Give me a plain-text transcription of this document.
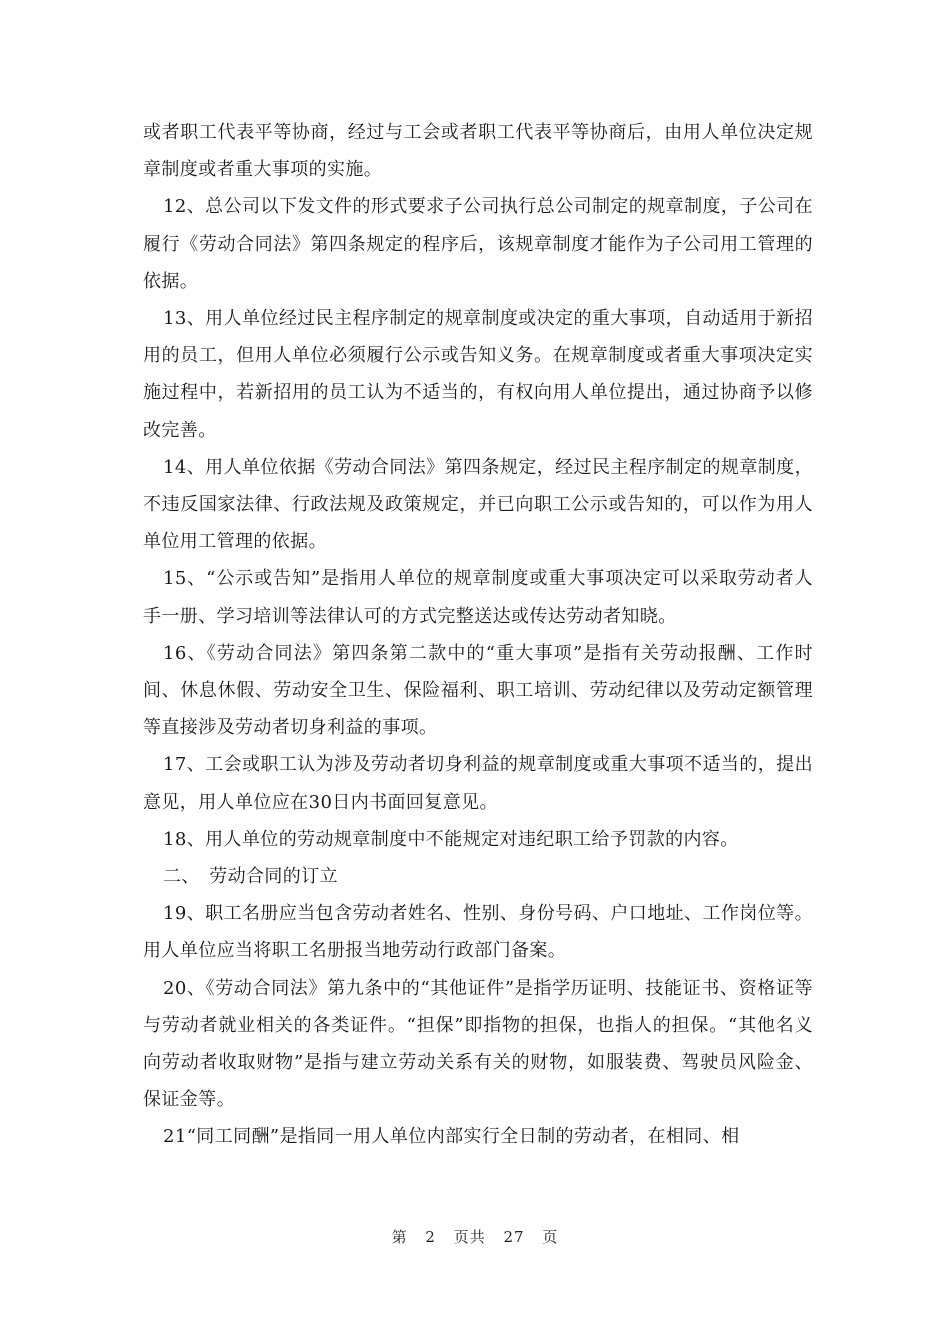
或者职工代表平等协商，经过与工会或者职工代表平等协商后，由用人单位决定规章制度或者重大事项的实施。

12、总公司以下发文件的形式要求子公司执行总公司制定的规章制度，子公司在履行《劳动合同法》第四条规定的程序后，该规章制度才能作为子公司用工管理的依据。

13、用人单位经过民主程序制定的规章制度或决定的重大事项，自动适用于新招用的员工，但用人单位必须履行公示或告知义务。在规章制度或者重大事项决定实施过程中，若新招用的员工认为不适当的，有权向用人单位提出，通过协商予以修改完善。

14、用人单位依据《劳动合同法》第四条规定，经过民主程序制定的规章制度，不违反国家法律、行政法规及政策规定，并已向职工公示或告知的，可以作为用人单位用工管理的依据。

15、“公示或告知”是指用人单位的规章制度或重大事项决定可以采取劳动者人手一册、学习培训等法律认可的方式完整送达或传达劳动者知晓。

16、《劳动合同法》第四条第二款中的“重大事项”是指有关劳动报酬、工作时间、休息休假、劳动安全卫生、保险福利、职工培训、劳动纪律以及劳动定额管理等直接涉及劳动者切身利益的事项。

17、工会或职工认为涉及劳动者切身利益的规章制度或重大事项不适当的，提出意见，用人单位应在30日内书面回复意见。

18、用人单位的劳动规章制度中不能规定对违纪职工给予罚款的内容。

二、　劳动合同的订立

19、职工名册应当包含劳动者姓名、性别、身份号码、户口地址、工作岗位等。用人单位应当将职工名册报当地劳动行政部门备案。

20、《劳动合同法》第九条中的“其他证件”是指学历证明、技能证书、资格证等与劳动者就业相关的各类证件。“担保”即指物的担保，也指人的担保。“其他名义向劳动者收取财物”是指与建立劳动关系有关的财物，如服装费、驾驶员风险金、保证金等。

21“同工同酬”是指同一用人单位内部实行全日制的劳动者，在相同、相

第 2 页共 27 页
